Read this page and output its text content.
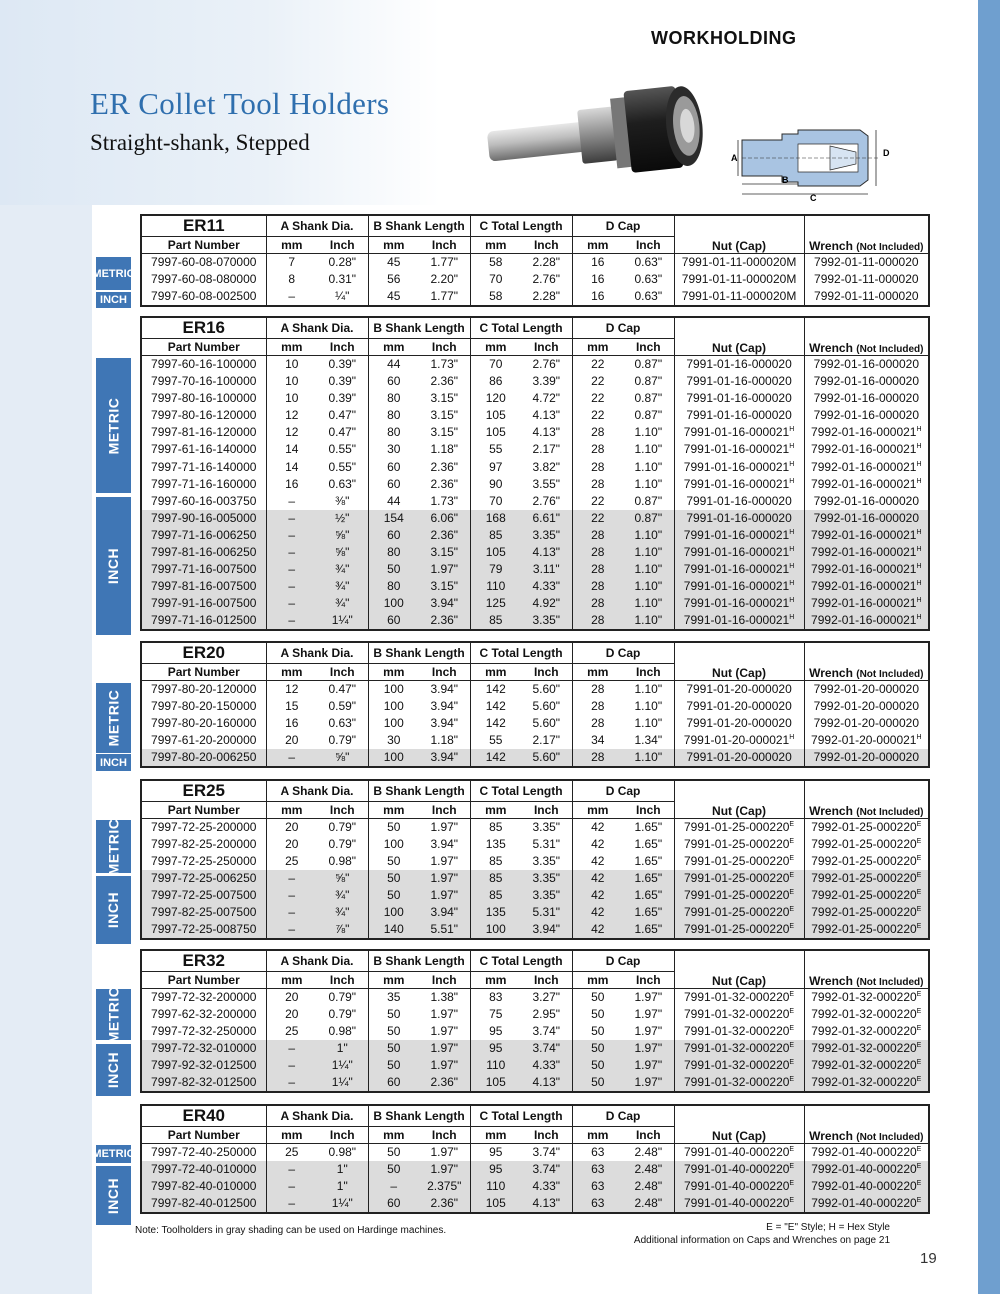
WORKHOLDING
ER Collet Tool Holders
Straight-shank, Stepped
A	D
B
C
ER11	A Shank Dia.		B Shank Length		C Total Length		D Cap		Nut (Cap)	Wrench (Not Included)
Part Number	mm	Inch	mm	Inch	mm	Inch	mm	Inch		
7997-60-08-070000	7	0.28"	45	1.77"	58	2.28"	16	0.63"	7991-01-11-000020M	7992-01-11-000020
7997-60-08-080000	8	0.31"	56	2.20"	70	2.76"	16	0.63"	7991-01-11-000020M	7992-01-11-000020
7997-60-08-002500	–	¼"	45	1.77"	58	2.28"	16	0.63"	7991-01-11-000020M	7992-01-11-000020
ER16	A Shank Dia.		B Shank Length		C Total Length		D Cap		Nut (Cap)	Wrench (Not Included)
Part Number	mm	Inch	mm	Inch	mm	Inch	mm	Inch		
7997-60-16-100000	10	0.39"	44	1.73"	70	2.76"	22	0.87"	7991-01-16-000020	7992-01-16-000020
7997-70-16-100000	10	0.39"	60	2.36"	86	3.39"	22	0.87"	7991-01-16-000020	7992-01-16-000020
7997-80-16-100000	10	0.39"	80	3.15"	120	4.72"	22	0.87"	7991-01-16-000020	7992-01-16-000020
7997-80-16-120000	12	0.47"	80	3.15"	105	4.13"	22	0.87"	7991-01-16-000020	7992-01-16-000020
7997-81-16-120000	12	0.47"	80	3.15"	105	4.13"	28	1.10"	$7991-01-16-000021^H$	$7992-01-16-000021^H$
7997-61-16-140000	14	0.55"	30	1.18"	55	2.17"	28	1.10"	$7991-01-16-000021^H$	$7992-01-16-000021^H$
7997-71-16-140000	14	0.55"	60	2.36"	97	3.82"	28	1.10"	$7991-01-16-000021^H$	$7992-01-16-000021^H$
7997-71-16-160000	16	0.63"	60	2.36"	90	3.55"	28	1.10"	$7991-01-16-000021^H$	$7992-01-16-000021^H$
7997-60-16-003750	–	⅜"	44	1.73"	70	2.76"	22	0.87"	7991-01-16-000020	7992-01-16-000020
7997-90-16-005000	–	½"	154	6.06"	168	6.61"	22	0.87"	7991-01-16-000020	7992-01-16-000020
7997-71-16-006250	–	⅝"	60	2.36"	85	3.35"	28	1.10"	$7991-01-16-000021^H$	$7992-01-16-000021^H$
7997-81-16-006250	–	⅝"	80	3.15"	105	4.13"	28	1.10"	$7991-01-16-000021^H$	$7992-01-16-000021^H$
7997-71-16-007500	–	¾"	50	1.97"	79	3.11"	28	1.10"	$7991-01-16-000021^H$	$7992-01-16-000021^H$
7997-81-16-007500	–	¾"	80	3.15"	110	4.33"	28	1.10"	$7991-01-16-000021^H$	$7992-01-16-000021^H$
7997-91-16-007500	–	¾"	100	3.94"	125	4.92"	28	1.10"	$7991-01-16-000021^H$	$7992-01-16-000021^H$
7997-71-16-012500	–	1¼"	60	2.36"	85	3.35"	28	1.10"	$7991-01-16-000021^H$	$7992-01-16-000021^H$
ER20	A Shank Dia.		B Shank Length		C Total Length		D Cap		Nut (Cap)	Wrench (Not Included)
Part Number	mm	Inch	mm	Inch	mm	Inch	mm	Inch		
7997-80-20-120000	12	0.47"	100	3.94"	142	5.60"	28	1.10"	7991-01-20-000020	7992-01-20-000020
7997-80-20-150000	15	0.59"	100	3.94"	142	5.60"	28	1.10"	7991-01-20-000020	7992-01-20-000020
7997-80-20-160000	16	0.63"	100	3.94"	142	5.60"	28	1.10"	7991-01-20-000020	7992-01-20-000020
7997-61-20-200000	20	0.79"	30	1.18"	55	2.17"	34	1.34"	$7991-01-20-000021^H$	$7992-01-20-000021^H$
7997-80-20-006250	–	⅝"	100	3.94"	142	5.60"	28	1.10"	7991-01-20-000020	7992-01-20-000020
ER25	A Shank Dia.		B Shank Length		C Total Length		D Cap		Nut (Cap)	Wrench (Not Included)
Part Number	mm	Inch	mm	Inch	mm	Inch	mm	Inch		
7997-72-25-200000	20	0.79"	50	1.97"	85	3.35"	42	1.65"	$7991-01-25-000220^E$	$7992-01-25-000220^E$
7997-82-25-200000	20	0.79"	100	3.94"	135	5.31"	42	1.65"	$7991-01-25-000220^E$	$7992-01-25-000220^E$
7997-72-25-250000	25	0.98"	50	1.97"	85	3.35"	42	1.65"	$7991-01-25-000220^E$	$7992-01-25-000220^E$
7997-72-25-006250	–	⅝"	50	1.97"	85	3.35"	42	1.65"	$7991-01-25-000220^E$	$7992-01-25-000220^E$
7997-72-25-007500	–	¾"	50	1.97"	85	3.35"	42	1.65"	$7991-01-25-000220^E$	$7992-01-25-000220^E$
7997-82-25-007500	–	¾"	100	3.94"	135	5.31"	42	1.65"	$7991-01-25-000220^E$	$7992-01-25-000220^E$
7997-72-25-008750	–	⅞"	140	5.51"	100	3.94"	42	1.65"	$7991-01-25-000220^E$	$7992-01-25-000220^E$
ER32	A Shank Dia.		B Shank Length		C Total Length		D Cap		Nut (Cap)	Wrench (Not Included)
Part Number	mm	Inch	mm	Inch	mm	Inch	mm	Inch		
7997-72-32-200000	20	0.79"	35	1.38"	83	3.27"	50	1.97"	$7991-01-32-000220^E$	$7992-01-32-000220^E$
7997-62-32-200000	20	0.79"	50	1.97"	75	2.95"	50	1.97"	$7991-01-32-000220^E$	$7992-01-32-000220^E$
7997-72-32-250000	25	0.98"	50	1.97"	95	3.74"	50	1.97"	$7991-01-32-000220^E$	$7992-01-32-000220^E$
7997-72-32-010000	–	1"	50	1.97"	95	3.74"	50	1.97"	$7991-01-32-000220^E$	$7992-01-32-000220^E$
7997-92-32-012500	–	1¼"	50	1.97"	110	4.33"	50	1.97"	$7991-01-32-000220^E$	$7992-01-32-000220^E$
7997-82-32-012500	–	1¼"	60	2.36"	105	4.13"	50	1.97"	$7991-01-32-000220^E$	$7992-01-32-000220^E$
ER40	A Shank Dia.		B Shank Length		C Total Length		D Cap		Nut (Cap)	Wrench (Not Included)
Part Number	mm	Inch	mm	Inch	mm	Inch	mm	Inch		
7997-72-40-250000	25	0.98"	50	1.97"	95	3.74"	63	2.48"	$7991-01-40-000220^E$	$7992-01-40-000220^E$
7997-72-40-010000	–	1"	50	1.97"	95	3.74"	63	2.48"	$7991-01-40-000220^E$	$7992-01-40-000220^E$
7997-82-40-010000	–	1"	–	2.375"	110	4.33"	63	2.48"	$7991-01-40-000220^E$	$7992-01-40-000220^E$
7997-82-40-012500	–	1¼"	60	2.36"	105	4.13"	63	2.48"	$7991-01-40-000220^E$	$7992-01-40-000220^E$
METRIC
INCH
METRIC
INCH
METRIC
INCH
METRIC
INCH
METRIC
INCH
METRIC
INCH
Note: Toolholders in gray shading can be used on Hardinge machines.	E = "E" Style; H = Hex Style
Additional information on Caps and Wrenches on page 21
19
